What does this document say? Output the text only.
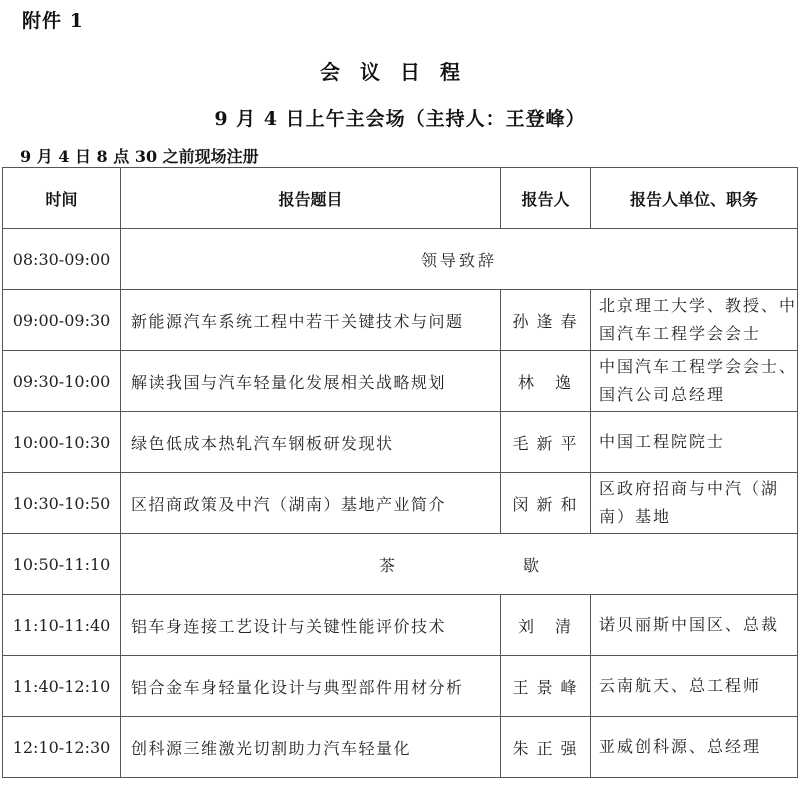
附件 1
会议日程
9 月 4 日上午主会场（主持人：王登峰）
9 月 4 日 8 点 30 之前现场注册
时间	报告题目	报告人	报告人单位、职务
08:30-09:00	领导致辞		
09:00-09:30	新能源汽车系统工程中若干关键技术与问题	孙逢春	北京理工大学、教授、中国汽车工程学会会士
09:30-10:00	解读我国与汽车轻量化发展相关战略规划	林 逸	中国汽车工程学会会士、国汽公司总经理
10:00-10:30	绿色低成本热轧汽车钢板研发现状	毛新平	中国工程院院士
10:30-10:50	区招商政策及中汽（湖南）基地产业简介	闵新和	区政府招商与中汽（湖南）基地
10:50-11:10	茶 歇		
11:10-11:40	铝车身连接工艺设计与关键性能评价技术	刘 清	诺贝丽斯中国区、总裁
11:40-12:10	铝合金车身轻量化设计与典型部件用材分析	王景峰	云南航天、总工程师
12:10-12:30	创科源三维激光切割助力汽车轻量化	朱正强	亚威创科源、总经理
